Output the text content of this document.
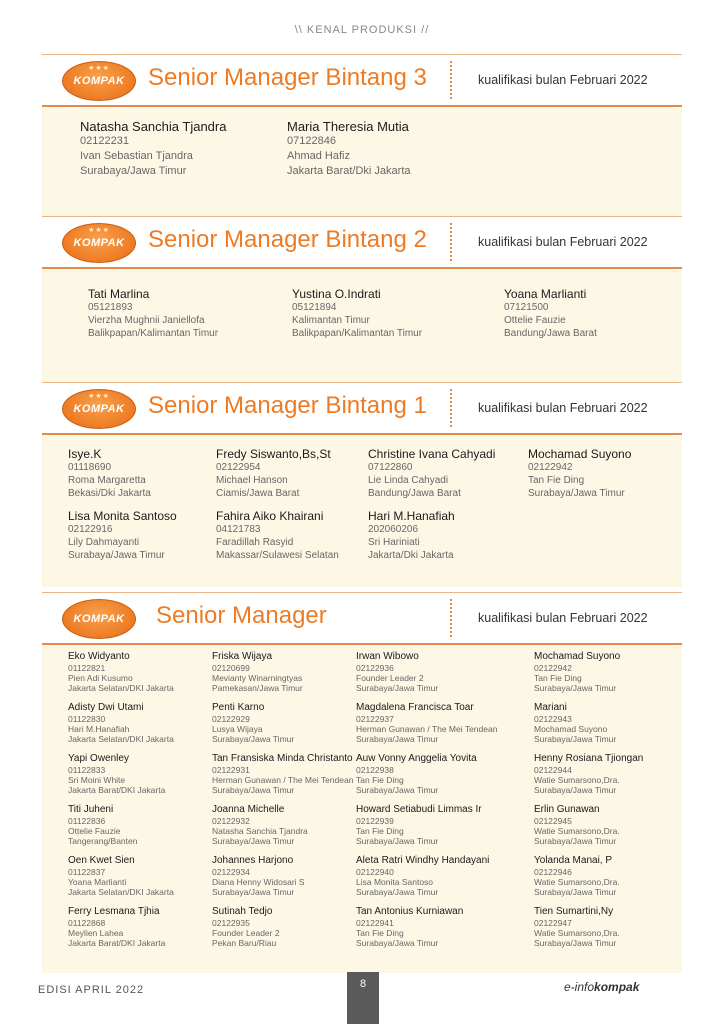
\\ KENAL PRODUKSI //
★★★
KOMPAK Senior Manager Bintang 3	kualifikasi bulan Februari 2022
Natasha Sanchia Tjandra
02122231
Ivan Sebastian Tjandra
Surabaya/Jawa Timur
Maria Theresia Mutia
07122846
Ahmad Hafiz
Jakarta Barat/Dki Jakarta
★★★
KOMPAK Senior Manager Bintang 2	kualifikasi bulan Februari 2022
Tati Marlina
05121893
Vierzha Mughnii Janiellofa
Balikpapan/Kalimantan Timur
Yustina O.Indrati
05121894
Kalimantan Timur
Balikpapan/Kalimantan Timur
Yoana Marlianti
07121500
Ottelie Fauzie
Bandung/Jawa Barat
★★★
KOMPAK Senior Manager Bintang 1	kualifikasi bulan Februari 2022
Isye.K
01118690
Roma Margaretta
Bekasi/Dki Jakarta
Fredy Siswanto,Bs,St
02122954
Michael Hanson
Ciamis/Jawa Barat
Christine Ivana Cahyadi
07122860
Lie Linda Cahyadi
Bandung/Jawa Barat
Mochamad Suyono
02122942
Tan Fie Ding
Surabaya/Jawa Timur
Lisa Monita Santoso
02122916
Lily Dahmayanti
Surabaya/Jawa Timur
Fahira Aiko Khairani
04121783
Faradillah Rasyid
Makassar/Sulawesi Selatan
Hari M.Hanafiah
202060206
Sri Hariniati
Jakarta/Dki Jakarta
KOMPAK	Senior Manager	kualifikasi bulan Februari 2022
Eko Widyanto
01122821
Pien Adi Kusumo
Jakarta Selatan/DKI Jakarta
Friska Wijaya
02120699
Mevianty Winarningtyas
Pamekasan/Jawa Timur
Irwan Wibowo
02122936
Founder Leader 2
Surabaya/Jawa Timur
Mochamad Suyono
02122942
Tan Fie Ding
Surabaya/Jawa Timur
Adisty Dwi Utami
01122830
Hari M.Hanafiah
Jakarta Selatan/DKI Jakarta
Penti Karno
02122929
Lusya Wijaya
Surabaya/Jawa Timur
Magdalena Francisca Toar
02122937
Herman Gunawan / The Mei Tendean
Surabaya/Jawa Timur
Mariani
02122943
Mochamad Suyono
Surabaya/Jawa Timur
Yapi Owenley
01122833
Sri Moini White
Jakarta Barat/DKI Jakarta
Tan Fransiska Minda Christanto
02122931
Herman Gunawan / The Mei Tendean
Surabaya/Jawa Timur
Auw Vonny Anggelia Yovita
02122938
Tan Fie Ding
Surabaya/Jawa Timur
Henny Rosiana Tjiongan
02122944
Watie Sumarsono,Dra.
Surabaya/Jawa Timur
Titi Juheni
01122836
Ottelie Fauzie
Tangerang/Banten
Joanna Michelle
02122932
Natasha Sanchia Tjandra
Surabaya/Jawa Timur
Howard Setiabudi Limmas Ir
02122939
Tan Fie Ding
Surabaya/Jawa Timur
Erlin Gunawan
02122945
Watie Sumarsono,Dra.
Surabaya/Jawa Timur
Oen Kwet Sien
01122837
Yoana Marlianti
Jakarta Selatan/DKI Jakarta
Johannes Harjono
02122934
Diana Henny Widosari S
Surabaya/Jawa Timur
Aleta Ratri Windhy Handayani
02122940
Lisa Monita Santoso
Surabaya/Jawa Timur
Yolanda Manai, P
02122946
Watie Sumarsono,Dra.
Surabaya/Jawa Timur
Ferry Lesmana Tjhia
01122868
Meylien Lahea
Jakarta Barat/DKI Jakarta
Sutinah Tedjo
02122935
Founder Leader 2
Pekan Baru/Riau
Tan Antonius Kurniawan
02122941
Tan Fie Ding
Surabaya/Jawa Timur
Tien Sumartini,Ny
02122947
Watie Sumarsono,Dra.
Surabaya/Jawa Timur
EDISI APRIL 2022	8	e-infokompak
